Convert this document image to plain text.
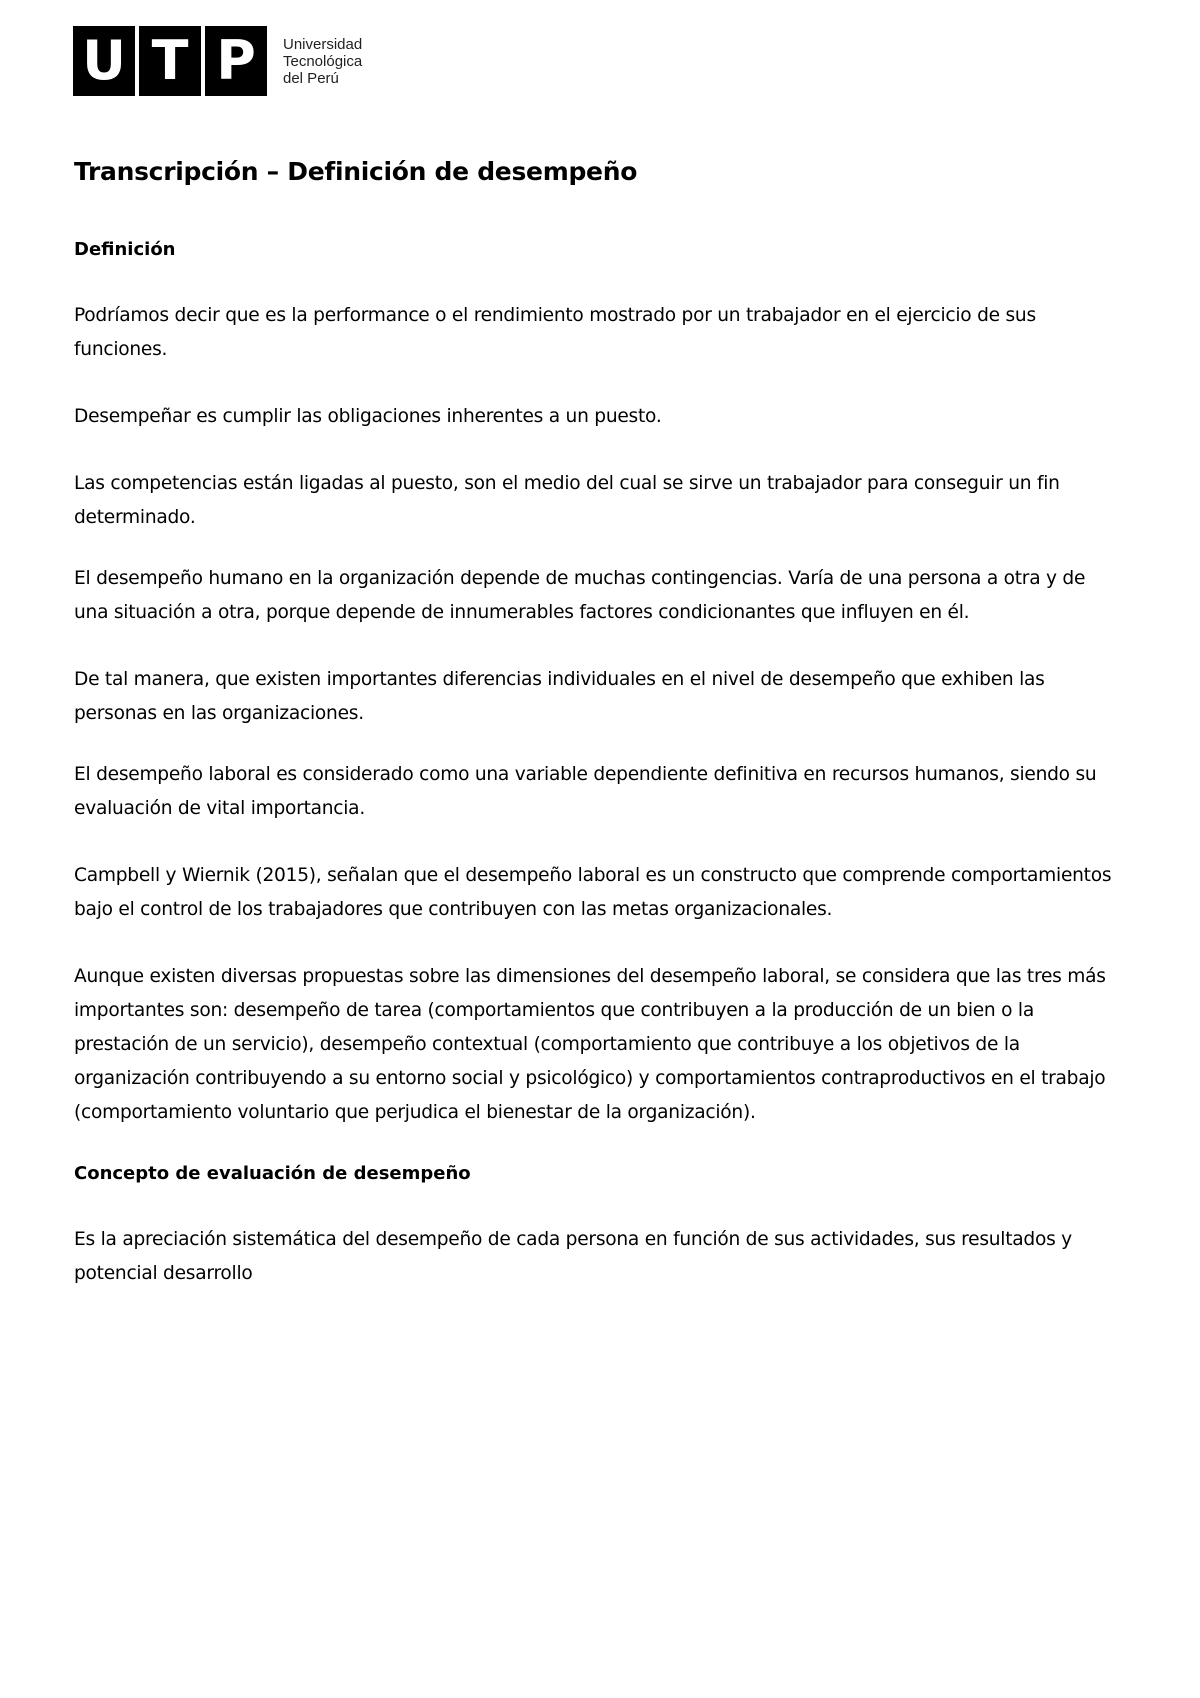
U T P	Universidad
Tecnológica
del Perú
Transcripción – Definición de desempeño
Definición

Podríamos decir que es la performance o el rendimiento mostrado por un trabajador en el ejercicio de sus funciones.

Desempeñar es cumplir las obligaciones inherentes a un puesto.

Las competencias están ligadas al puesto, son el medio del cual se sirve un trabajador para conseguir un fin determinado.

El desempeño humano en la organización depende de muchas contingencias. Varía de una persona a otra y de una situación a otra, porque depende de innumerables factores condicionantes que influyen en él.

De tal manera, que existen importantes diferencias individuales en el nivel de desempeño que exhiben las personas en las organizaciones.

El desempeño laboral es considerado como una variable dependiente definitiva en recursos humanos, siendo su evaluación de vital importancia.

Campbell y Wiernik (2015), señalan que el desempeño laboral es un constructo que comprende comportamientos bajo el control de los trabajadores que contribuyen con las metas organizacionales.

Aunque existen diversas propuestas sobre las dimensiones del desempeño laboral, se considera que las tres más importantes son: desempeño de tarea (comportamientos que contribuyen a la producción de un bien o la prestación de un servicio), desempeño contextual (comportamiento que contribuye a los objetivos de la organización contribuyendo a su entorno social y psicológico) y comportamientos contraproductivos en el trabajo (comportamiento voluntario que perjudica el bienestar de la organización).

Concepto de evaluación de desempeño

Es la apreciación sistemática del desempeño de cada persona en función de sus actividades, sus resultados y potencial desarrollo
